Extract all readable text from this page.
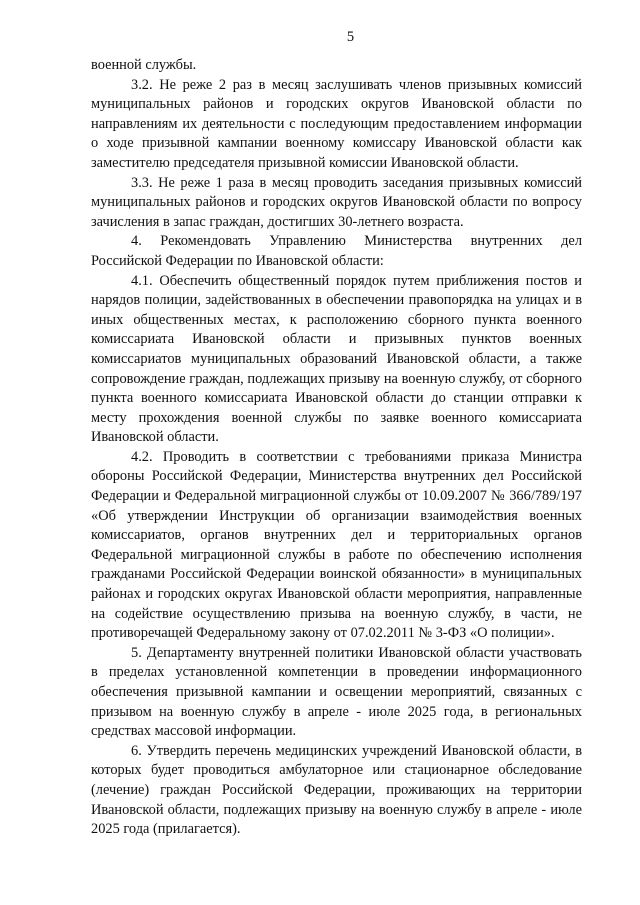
5

военной службы.

3.2. Не реже 2 раз в месяц заслушивать членов призывных комиссий муниципальных районов и городских округов Ивановской области по направлениям их деятельности с последующим предоставлением информации о ходе призывной кампании военному комиссару Ивановской области как заместителю председателя призывной комиссии Ивановской области.

3.3. Не реже 1 раза в месяц проводить заседания призывных комиссий муниципальных районов и городских округов Ивановской области по вопросу зачисления в запас граждан, достигших 30-летнего возраста.

4. Рекомендовать Управлению Министерства внутренних дел Российской Федерации по Ивановской области:

4.1. Обеспечить общественный порядок путем приближения постов и нарядов полиции, задействованных в обеспечении правопорядка на улицах и в иных общественных местах, к расположению сборного пункта военного комиссариата Ивановской области и призывных пунктов военных комиссариатов муниципальных образований Ивановской области, а также сопровождение граждан, подлежащих призыву на военную службу, от сборного пункта военного комиссариата Ивановской области до станции отправки к месту прохождения военной службы по заявке военного комиссариата Ивановской области.

4.2. Проводить в соответствии с требованиями приказа Министра обороны Российской Федерации, Министерства внутренних дел Российской Федерации и Федеральной миграционной службы от 10.09.2007 № 366/789/197 «Об утверждении Инструкции об организации взаимодействия военных комиссариатов, органов внутренних дел и территориальных органов Федеральной миграционной службы в работе по обеспечению исполнения гражданами Российской Федерации воинской обязанности» в муниципальных районах и городских округах Ивановской области мероприятия, направленные на содействие осуществлению призыва на военную службу, в части, не противоречащей Федеральному закону от 07.02.2011 № 3-ФЗ «О полиции».

5. Департаменту внутренней политики Ивановской области участвовать в пределах установленной компетенции в проведении информационного обеспечения призывной кампании и освещении мероприятий, связанных с призывом на военную службу в апреле - июле 2025 года, в региональных средствах массовой информации.

6. Утвердить перечень медицинских учреждений Ивановской области, в которых будет проводиться амбулаторное или стационарное обследование (лечение) граждан Российской Федерации, проживающих на территории Ивановской области, подлежащих призыву на военную службу в апреле - июле 2025 года (прилагается).
